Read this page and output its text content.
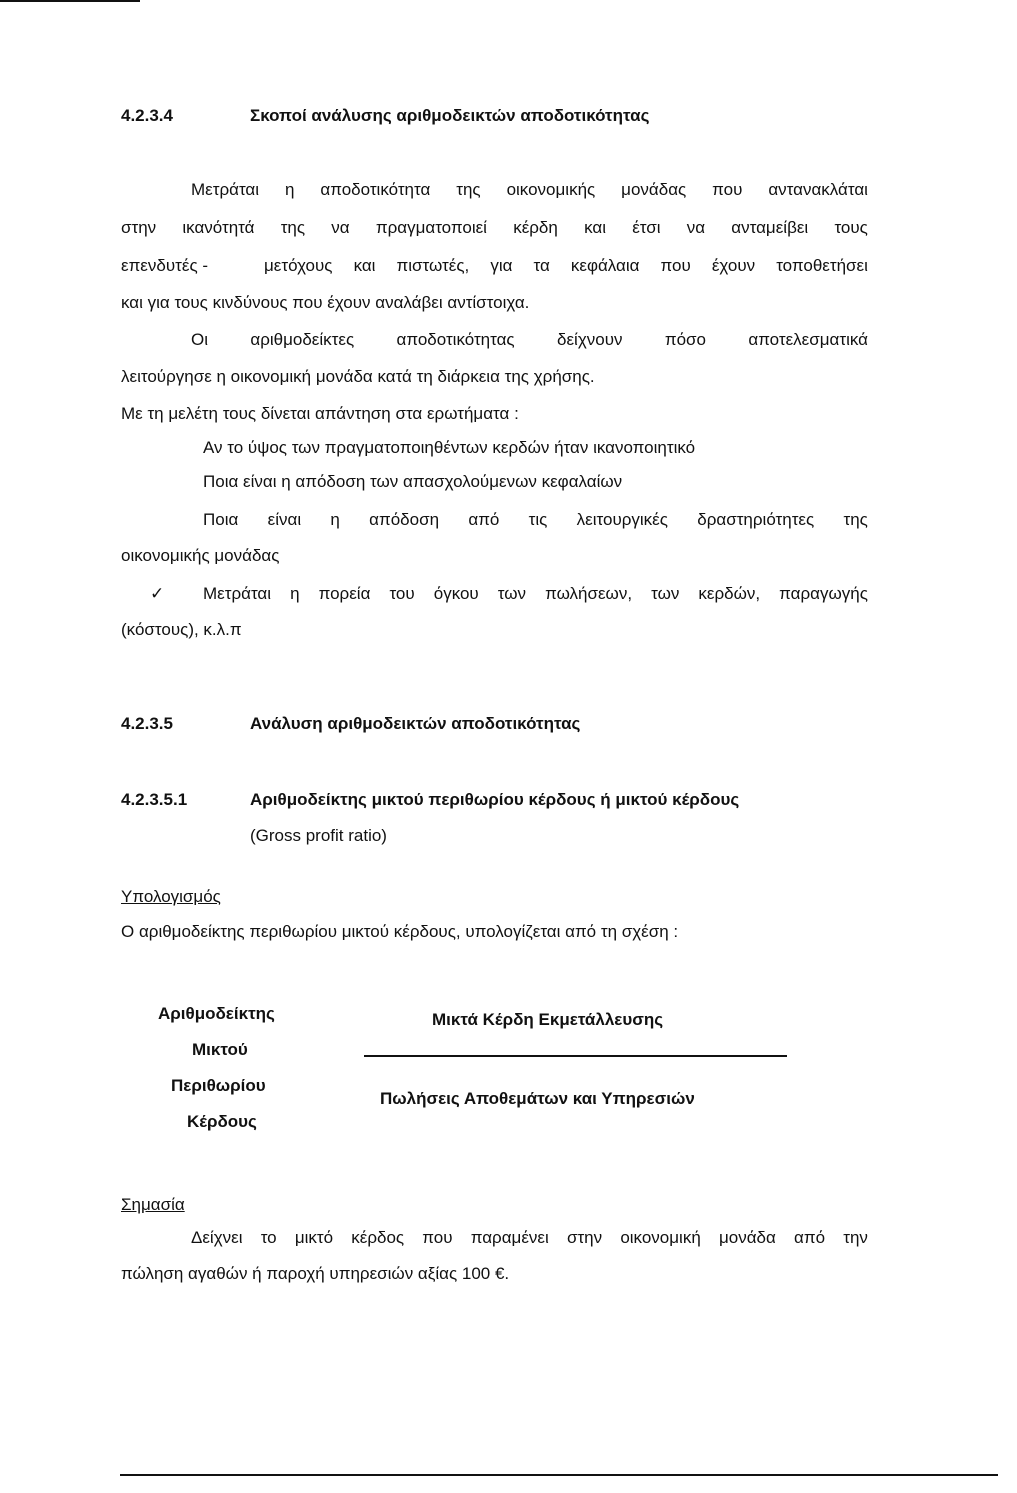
4.2.3.4	Σκοποί ανάλυσης αριθμοδεικτών αποδοτικότητας
Μετράται η αποδοτικότητα της οικονομικής μονάδας που αντανακλάται
στην ικανότητά της να πραγματοποιεί κέρδη και έτσι να ανταμείβει τους
επενδυτές -	μετόχους και πιστωτές, για τα κεφάλαια που έχουν τοποθετήσει
και για τους κινδύνους που έχουν αναλάβει αντίστοιχα.
Οι αριθμοδείκτες αποδοτικότητας δείχνουν πόσο αποτελεσματικά
λειτούργησε η οικονομική μονάδα κατά τη διάρκεια της χρήσης.
Με τη μελέτη τους δίνεται απάντηση στα ερωτήματα :
Αν το ύψος των πραγματοποιηθέντων κερδών ήταν ικανοποιητικό
Ποια είναι η απόδοση των απασχολούμενων κεφαλαίων
Ποια είναι η απόδοση από τις λειτουργικές δραστηριότητες της
οικονομικής μονάδας
✓ Μετράται η πορεία του όγκου των πωλήσεων, των κερδών, παραγωγής
(κόστους), κ.λ.π
4.2.3.5	Ανάλυση αριθμοδεικτών αποδοτικότητας
4.2.3.5.1	Αριθμοδείκτης μικτού περιθωρίου κέρδους ή μικτού κέρδους
(Gross profit ratio)
Υπολογισμός
Ο αριθμοδείκτης περιθωρίου μικτού κέρδους, υπολογίζεται από τη σχέση :
Αριθμοδείκτης
Μικτού
Περιθωρίου
Κέρδους
Μικτά Κέρδη Εκμετάλλευσης
Πωλήσεις Αποθεμάτων και Υπηρεσιών
Σημασία
Δείχνει το μικτό κέρδος που παραμένει στην οικονομική μονάδα από την
πώληση αγαθών ή παροχή υπηρεσιών αξίας 100 €.
